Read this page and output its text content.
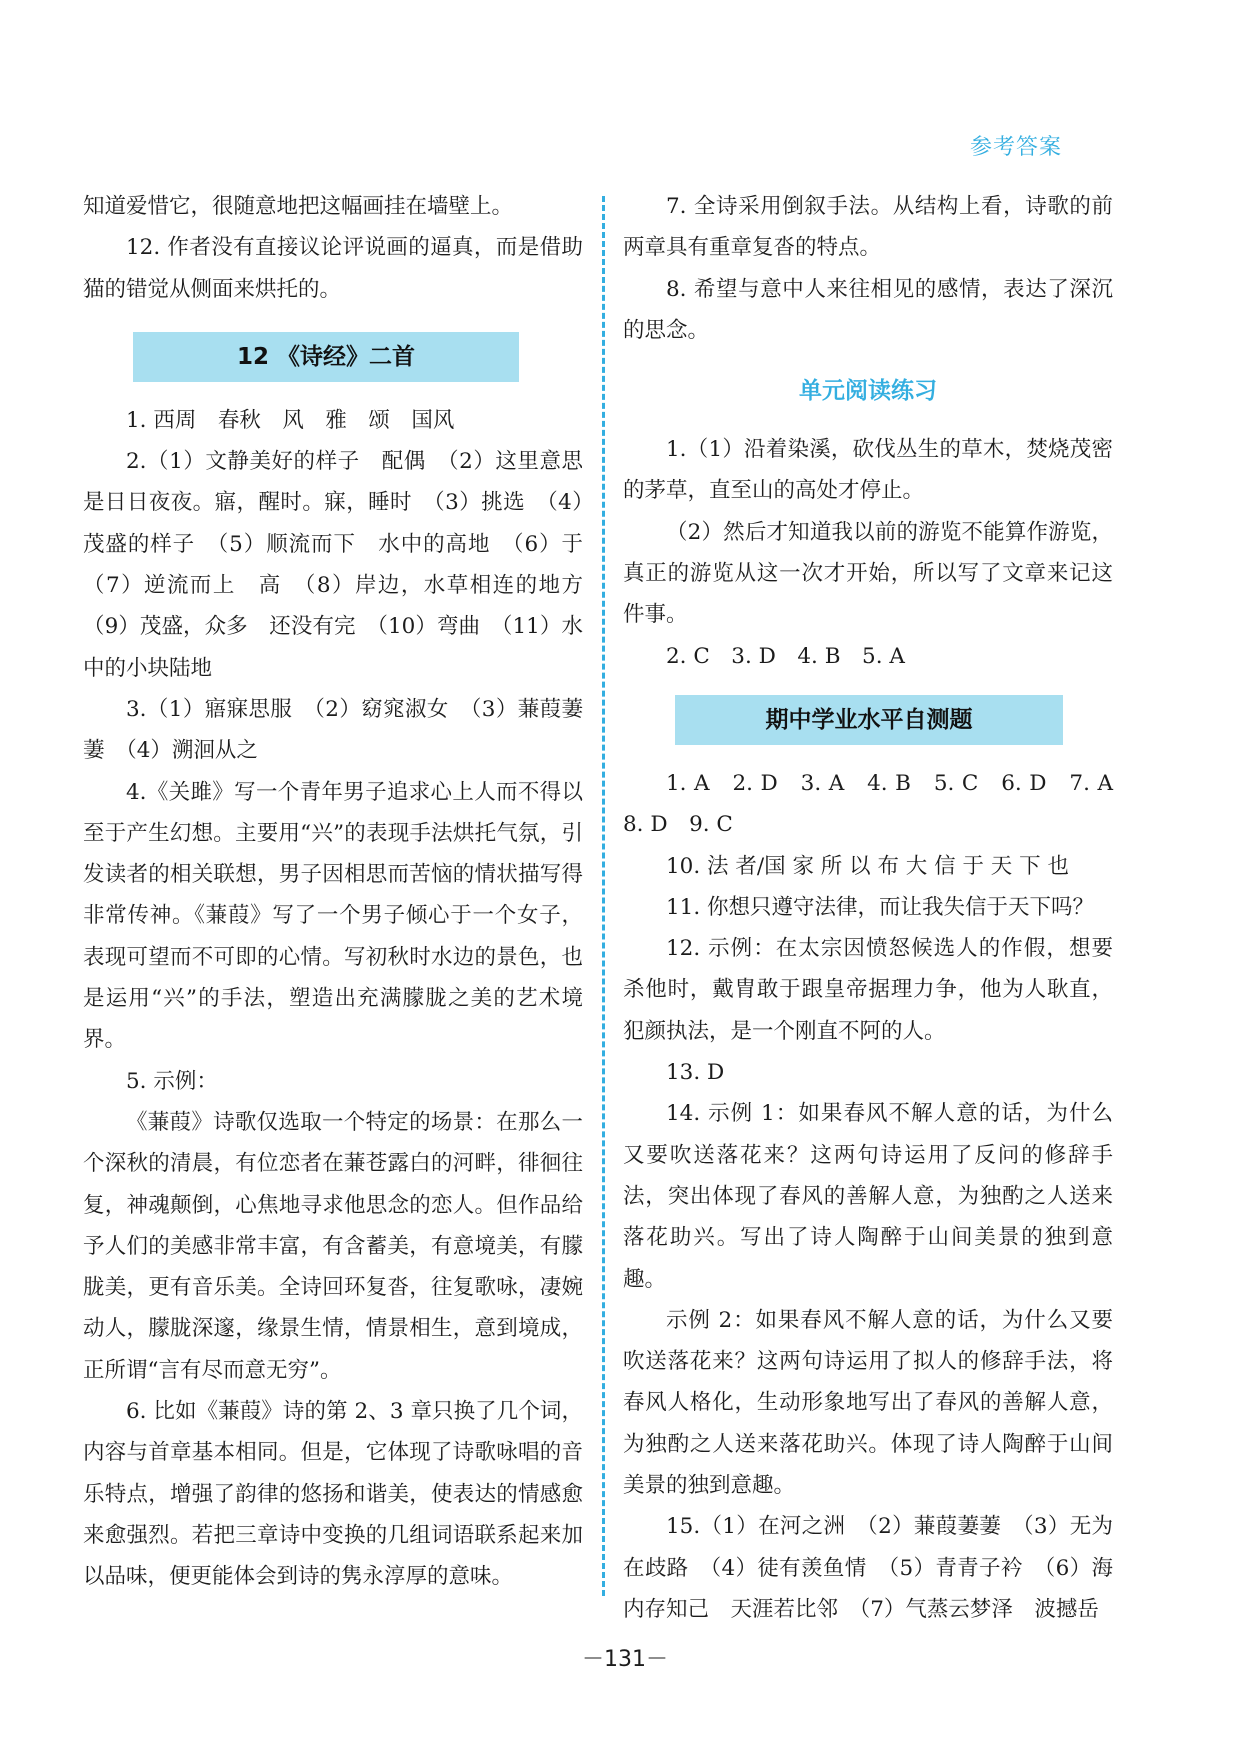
参考答案

知道爱惜它，很随意地把这幅画挂在墙壁上。

12. 作者没有直接议论评说画的逼真，而是借助猫的错觉从侧面来烘托的。

12 《诗经》二首

1. 西周　春秋　风　雅　颂　国风

2.（1）文静美好的样子　配偶　（2）这里意思是日日夜夜。寤，醒时。寐，睡时　（3）挑选　（4）茂盛的样子　（5）顺流而下　水中的高地　（6）于　（7）逆流而上　高　（8）岸边，水草相连的地方　（9）茂盛，众多　还没有完　（10）弯曲　（11）水中的小块陆地

3.（1）寤寐思服　（2）窈窕淑女　（3）蒹葭萋萋　（4）溯洄从之

4.《关雎》写一个青年男子追求心上人而不得以至于产生幻想。主要用“兴”的表现手法烘托气氛，引发读者的相关联想，男子因相思而苦恼的情状描写得非常传神。《蒹葭》写了一个男子倾心于一个女子，表现可望而不可即的心情。写初秋时水边的景色，也是运用“兴”的手法，塑造出充满朦胧之美的艺术境界。

5. 示例：

《蒹葭》诗歌仅选取一个特定的场景：在那么一个深秋的清晨，有位恋者在蒹苍露白的河畔，徘徊往复，神魂颠倒，心焦地寻求他思念的恋人。但作品给予人们的美感非常丰富，有含蓄美，有意境美，有朦胧美，更有音乐美。全诗回环复沓，往复歌咏，凄婉动人，朦胧深邃，缘景生情，情景相生，意到境成，正所谓“言有尽而意无穷”。

6. 比如《蒹葭》诗的第 2、3 章只换了几个词，内容与首章基本相同。但是，它体现了诗歌咏唱的音乐特点，增强了韵律的悠扬和谐美，使表达的情感愈来愈强烈。若把三章诗中变换的几组词语联系起来加以品味，便更能体会到诗的隽永淳厚的意味。

7. 全诗采用倒叙手法。从结构上看，诗歌的前两章具有重章复沓的特点。

8. 希望与意中人来往相见的感情，表达了深沉的思念。

单元阅读练习

1.（1）沿着染溪，砍伐丛生的草木，焚烧茂密的茅草，直至山的高处才停止。

（2）然后才知道我以前的游览不能算作游览，真正的游览从这一次才开始，所以写了文章来记这件事。

2. C　3. D　4. B　5. A

期中学业水平自测题

1. A　2. D　3. A　4. B　5. C　6. D　7. A　8. D　9. C

10. 法 者/国 家 所 以 布 大 信 于 天 下 也

11. 你想只遵守法律，而让我失信于天下吗？

12. 示例：在太宗因愤怒候选人的作假，想要杀他时，戴胄敢于跟皇帝据理力争，他为人耿直，犯颜执法，是一个刚直不阿的人。

13. D

14. 示例 1：如果春风不解人意的话，为什么又要吹送落花来？这两句诗运用了反问的修辞手法，突出体现了春风的善解人意，为独酌之人送来落花助兴。写出了诗人陶醉于山间美景的独到意趣。

示例 2：如果春风不解人意的话，为什么又要吹送落花来？这两句诗运用了拟人的修辞手法，将春风人格化，生动形象地写出了春风的善解人意，为独酌之人送来落花助兴。体现了诗人陶醉于山间美景的独到意趣。

15.（1）在河之洲　（2）蒹葭萋萋　（3）无为在歧路　（4）徒有羡鱼情　（5）青青子衿　（6）海内存知己　天涯若比邻　（7）气蒸云梦泽　波撼岳

－131－
